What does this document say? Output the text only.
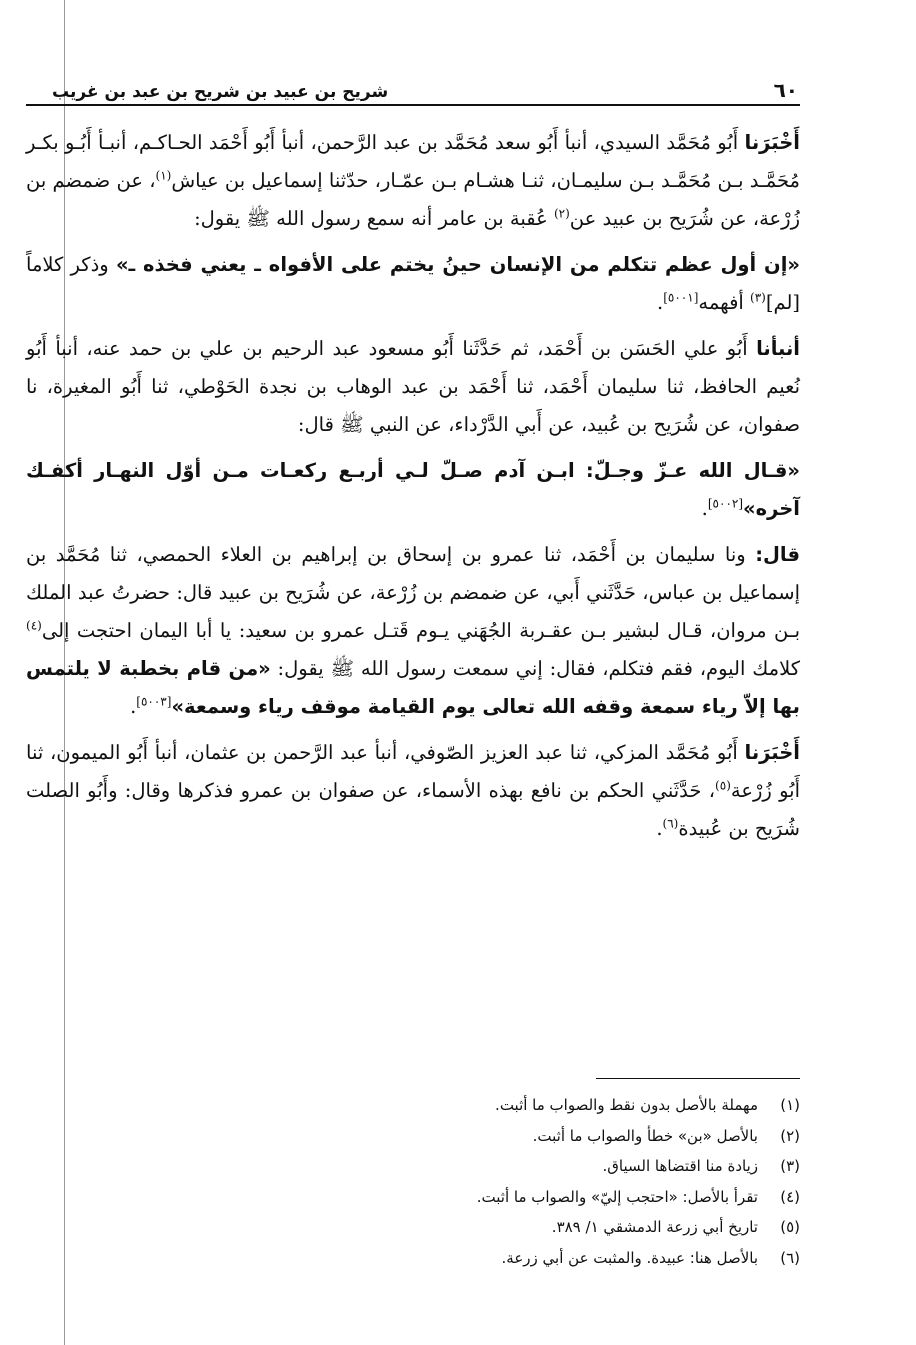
٦٠
شريح بن عبيد بن شريح بن عبد بن غريب

أَخْبَرَنا أَبُو مُحَمَّد السيدي، أنبأ أَبُو سعد مُحَمَّد بن عبد الرَّحمن، أنبأ أَبُو أَحْمَد الحـاكـم، أنبـأ أَبُـو بكـر مُحَمَّـد بـن مُحَمَّـد بـن سليمـان، ثنـا هشـام بـن عمّـار، حدّثنا إسماعيل بن عياش$^{(١)}$، عن ضمضم بن زُرْعة، عن شُرَيح بن عبيد عن$^{(٢)}$ عُقبة بن عامر أنه سمع رسول الله ﷺ يقول:

«إن أول عظم تتكلم من الإنسان حينُ يختم على الأفواه ـ يعني فخذه ـ» وذكر كلاماً [لم]$^{(٣)}$ أفهمه[٥٠٠١].

أنبأنا أَبُو علي الحَسَن بن أَحْمَد، ثم حَدَّثَنا أَبُو مسعود عبد الرحيم بن علي بن حمد عنه، أنبأ أَبُو نُعيم الحافظ، ثنا سليمان أَحْمَد، ثنا أَحْمَد بن عبد الوهاب بن نجدة الحَوْطي، ثنا أَبُو المغيرة، نا صفوان، عن شُرَيح بن عُبيد، عن أَبي الدَّرْداء، عن النبي ﷺ قال:

«قـال الله عـزّ وجـلّ: ابـن آدم صـلّ لـي أربـع ركعـات مـن أوّل النهـار أكفـك آخره»[٥٠٠٢].

قال: ونا سليمان بن أَحْمَد، ثنا عمرو بن إسحاق بن إبراهيم بن العلاء الحمصي، ثنا مُحَمَّد بن إسماعيل بن عباس، حَدَّثَني أَبي، عن ضمضم بن زُرْعة، عن شُرَيح بن عبيد قال: حضرتُ عبد الملك بـن مروان، قـال لبشير بـن عقـربة الجُهَني يـوم قَتـل عمرو بن سعيد: يا أبا اليمان احتجت إلى$^{(٤)}$ كلامك اليوم، فقم فتكلم، فقال: إني سمعت رسول الله ﷺ يقول: «من قام بخطبة لا يلتمس بها إلاّ رياء سمعة وقفه الله تعالى يوم القيامة موقف رياء وسمعة»[٥٠٠٣].

أَخْبَرَنا أَبُو مُحَمَّد المزكي، ثنا عبد العزيز الصّوفي، أنبأ عبد الرَّحمن بن عثمان، أنبأ أَبُو الميمون، ثنا أَبُو زُرْعة$^{(٥)}$، حَدَّثَني الحكم بن نافع بهذه الأسماء، عن صفوان بن عمرو فذكرها وقال: وأَبُو الصلت شُرَيح بن عُبيدة$^{(٦)}$.

(١)
مهملة بالأصل بدون نقط والصواب ما أثبت.
(٢)
بالأصل «بن» خطأ والصواب ما أثبت.
(٣)
زيادة منا اقتضاها السياق.
(٤)
تقرأ بالأصل: «احتجب إليّ» والصواب ما أثبت.
(٥)
تاريخ أبي زرعة الدمشقي ١/ ٣٨٩.
(٦)
بالأصل هنا: عبيدة. والمثبت عن أبي زرعة.
